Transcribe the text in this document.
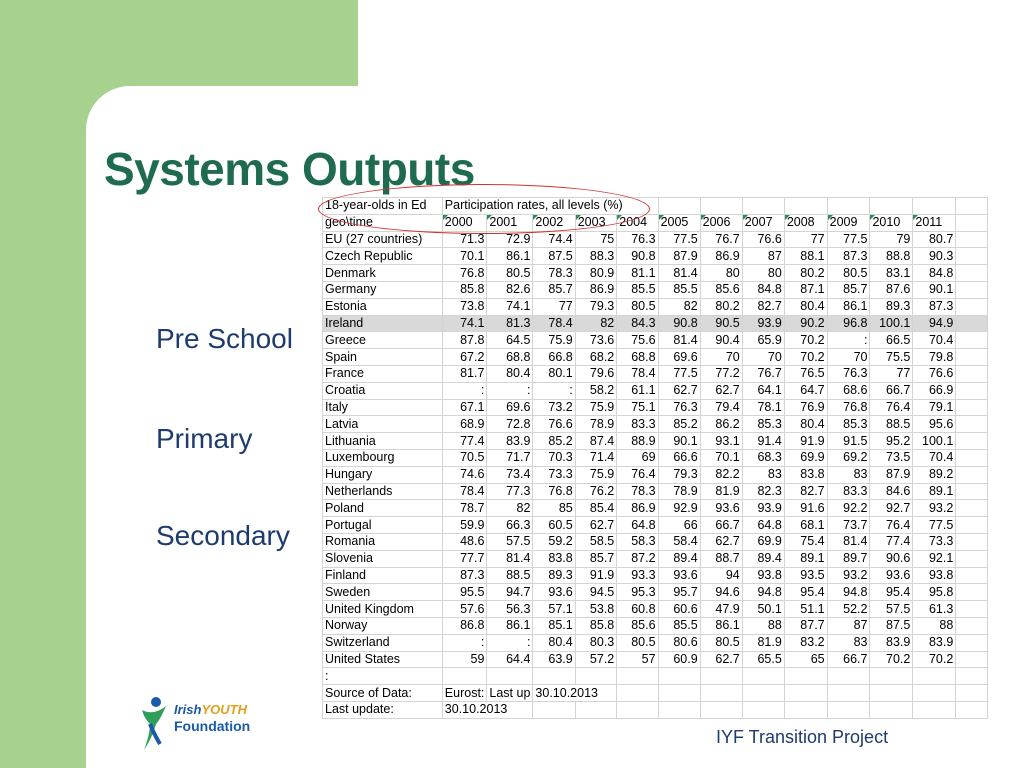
Systems Outputs
Pre School
Primary
Secondary
18-year-olds in Ed	Participation rates, all levels (%)												
geo\time	2000	2001	2002	2003	2004	2005	2006	2007	2008	2009	2010	2011	
EU (27 countries)	71.3	72.9	74.4	75	76.3	77.5	76.7	76.6	77	77.5	79	80.7	
Czech Republic	70.1	86.1	87.5	88.3	90.8	87.9	86.9	87	88.1	87.3	88.8	90.3	
Denmark	76.8	80.5	78.3	80.9	81.1	81.4	80	80	80.2	80.5	83.1	84.8	
Germany	85.8	82.6	85.7	86.9	85.5	85.5	85.6	84.8	87.1	85.7	87.6	90.1	
Estonia	73.8	74.1	77	79.3	80.5	82	80.2	82.7	80.4	86.1	89.3	87.3	
Ireland	74.1	81.3	78.4	82	84.3	90.8	90.5	93.9	90.2	96.8	100.1	94.9	
Greece	87.8	64.5	75.9	73.6	75.6	81.4	90.4	65.9	70.2	:	66.5	70.4	
Spain	67.2	68.8	66.8	68.2	68.8	69.6	70	70	70.2	70	75.5	79.8	
France	81.7	80.4	80.1	79.6	78.4	77.5	77.2	76.7	76.5	76.3	77	76.6	
Croatia	:	:	:	58.2	61.1	62.7	62.7	64.1	64.7	68.6	66.7	66.9	
Italy	67.1	69.6	73.2	75.9	75.1	76.3	79.4	78.1	76.9	76.8	76.4	79.1	
Latvia	68.9	72.8	76.6	78.9	83.3	85.2	86.2	85.3	80.4	85.3	88.5	95.6	
Lithuania	77.4	83.9	85.2	87.4	88.9	90.1	93.1	91.4	91.9	91.5	95.2	100.1	
Luxembourg	70.5	71.7	70.3	71.4	69	66.6	70.1	68.3	69.9	69.2	73.5	70.4	
Hungary	74.6	73.4	73.3	75.9	76.4	79.3	82.2	83	83.8	83	87.9	89.2	
Netherlands	78.4	77.3	76.8	76.2	78.3	78.9	81.9	82.3	82.7	83.3	84.6	89.1	
Poland	78.7	82	85	85.4	86.9	92.9	93.6	93.9	91.6	92.2	92.7	93.2	
Portugal	59.9	66.3	60.5	62.7	64.8	66	66.7	64.8	68.1	73.7	76.4	77.5	
Romania	48.6	57.5	59.2	58.5	58.3	58.4	62.7	69.9	75.4	81.4	77.4	73.3	
Slovenia	77.7	81.4	83.8	85.7	87.2	89.4	88.7	89.4	89.1	89.7	90.6	92.1	
Finland	87.3	88.5	89.3	91.9	93.3	93.6	94	93.8	93.5	93.2	93.6	93.8	
Sweden	95.5	94.7	93.6	94.5	95.3	95.7	94.6	94.8	95.4	94.8	95.4	95.8	
United Kingdom	57.6	56.3	57.1	53.8	60.8	60.6	47.9	50.1	51.1	52.2	57.5	61.3	
Norway	86.8	86.1	85.1	85.8	85.6	85.5	86.1	88	87.7	87	87.5	88	
Switzerland	:	:	80.4	80.3	80.5	80.6	80.5	81.9	83.2	83	83.9	83.9	
United States	59	64.4	63.9	57.2	57	60.9	62.7	65.5	65	66.7	70.2	70.2	
:													
Source of Data:	Eurost:	Last up	30.10.2013										
Last update:	30.10.2013												
IrishYOUTH
Foundation
IYF Transition Project
